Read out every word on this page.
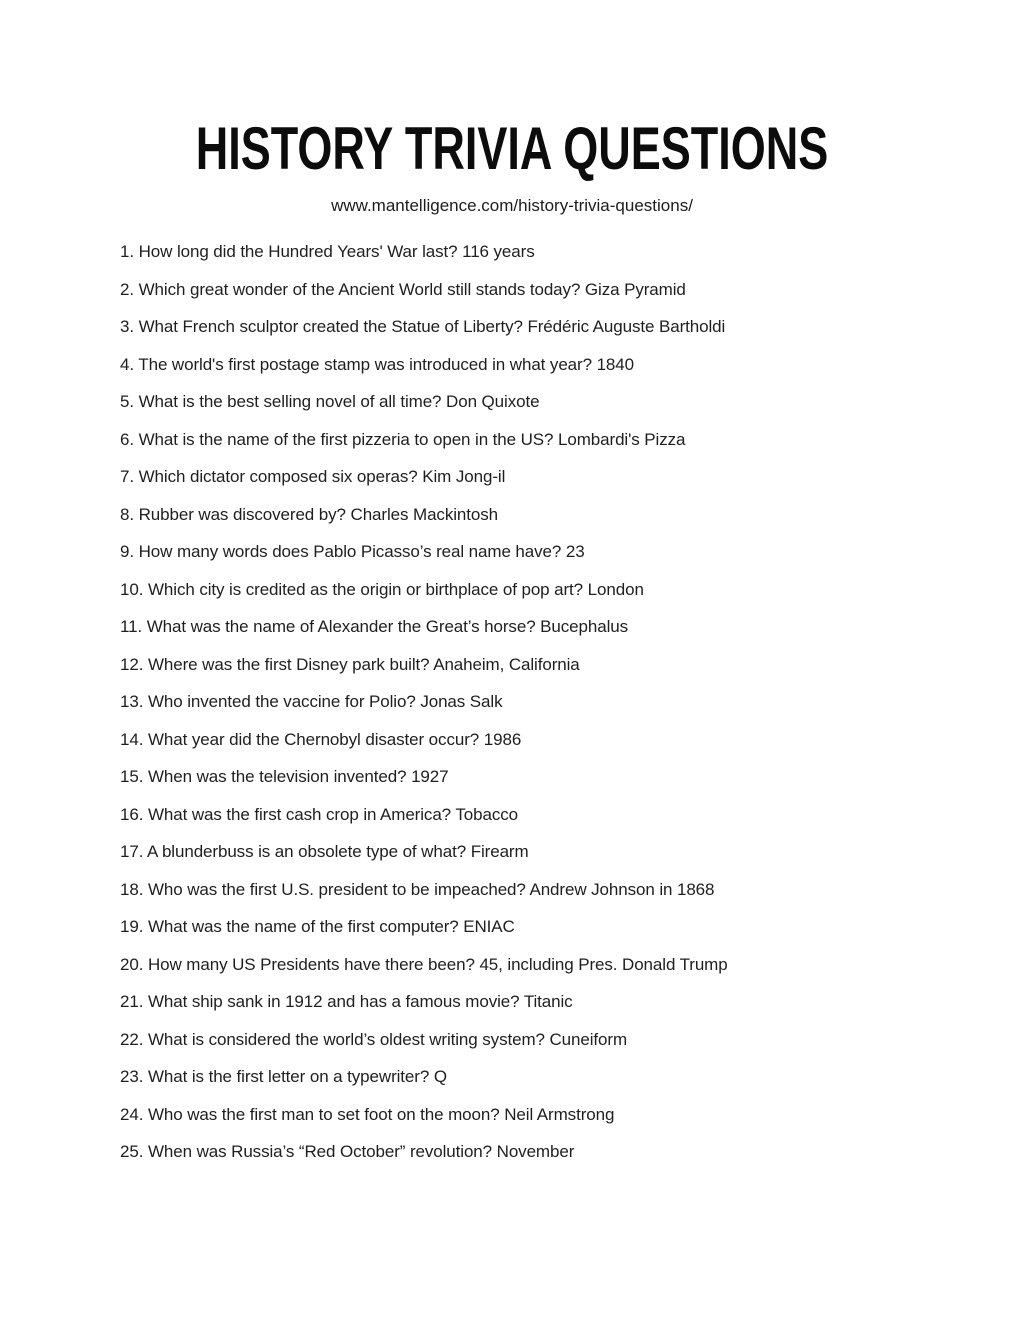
HISTORY TRIVIA QUESTIONS
www.mantelligence.com/history-trivia-questions/
1. How long did the Hundred Years' War last? 116 years
2. Which great wonder of the Ancient World still stands today? Giza Pyramid
3. What French sculptor created the Statue of Liberty? Frédéric Auguste Bartholdi
4. The world's first postage stamp was introduced in what year? 1840
5. What is the best selling novel of all time? Don Quixote
6. What is the name of the first pizzeria to open in the US? Lombardi's Pizza
7. Which dictator composed six operas? Kim Jong-il
8. Rubber was discovered by? Charles Mackintosh
9. How many words does Pablo Picasso’s real name have? 23
10. Which city is credited as the origin or birthplace of pop art? London
11. What was the name of Alexander the Great’s horse? Bucephalus
12. Where was the first Disney park built? Anaheim, California
13. Who invented the vaccine for Polio? Jonas Salk
14. What year did the Chernobyl disaster occur? 1986
15. When was the television invented? 1927
16. What was the first cash crop in America? Tobacco
17. A blunderbuss is an obsolete type of what? Firearm
18. Who was the first U.S. president to be impeached? Andrew Johnson in 1868
19. What was the name of the first computer? ENIAC
20. How many US Presidents have there been? 45, including Pres. Donald Trump
21. What ship sank in 1912 and has a famous movie? Titanic
22. What is considered the world’s oldest writing system? Cuneiform
23. What is the first letter on a typewriter? Q
24. Who was the first man to set foot on the moon? Neil Armstrong
25. When was Russia’s “Red October” revolution? November
